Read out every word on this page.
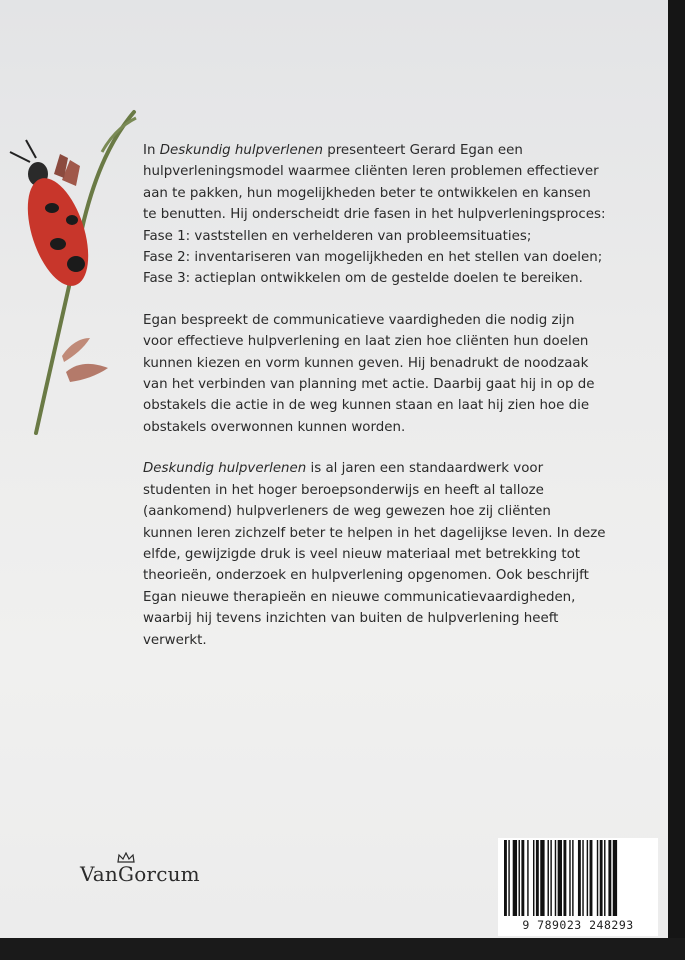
In Deskundig hulpverlenen presenteert Gerard Egan een
hulpverleningsmodel waarmee cliënten leren problemen effectiever
aan te pakken, hun mogelijkheden beter te ontwikkelen en kansen
te benutten. Hij onderscheidt drie fasen in het hulpverleningsproces:
Fase 1: vaststellen en verhelderen van probleemsituaties;
Fase 2: inventariseren van mogelijkheden en het stellen van doelen;
Fase 3: actieplan ontwikkelen om de gestelde doelen te bereiken.

Egan bespreekt de communicatieve vaardigheden die nodig zijn
voor effectieve hulpverlening en laat zien hoe cliënten hun doelen
kunnen kiezen en vorm kunnen geven. Hij benadrukt de noodzaak
van het verbinden van planning met actie. Daarbij gaat hij in op de
obstakels die actie in de weg kunnen staan en laat hij zien hoe die
obstakels overwonnen kunnen worden.

Deskundig hulpverlenen is al jaren een standaardwerk voor
studenten in het hoger beroepsonderwijs en heeft al talloze
(aankomend) hulpverleners de weg gewezen hoe zij cliënten
kunnen leren zichzelf beter te helpen in het dagelijkse leven. In deze
elfde, gewijzigde druk is veel nieuw materiaal met betrekking tot
theorieën, onderzoek en hulpverlening opgenomen. Ook beschrijft
Egan nieuwe therapieën en nieuwe communicatievaardigheden,
waarbij hij tevens inzichten van buiten de hulpverlening heeft
verwerkt.

VanGorcum
9 789023 248293
